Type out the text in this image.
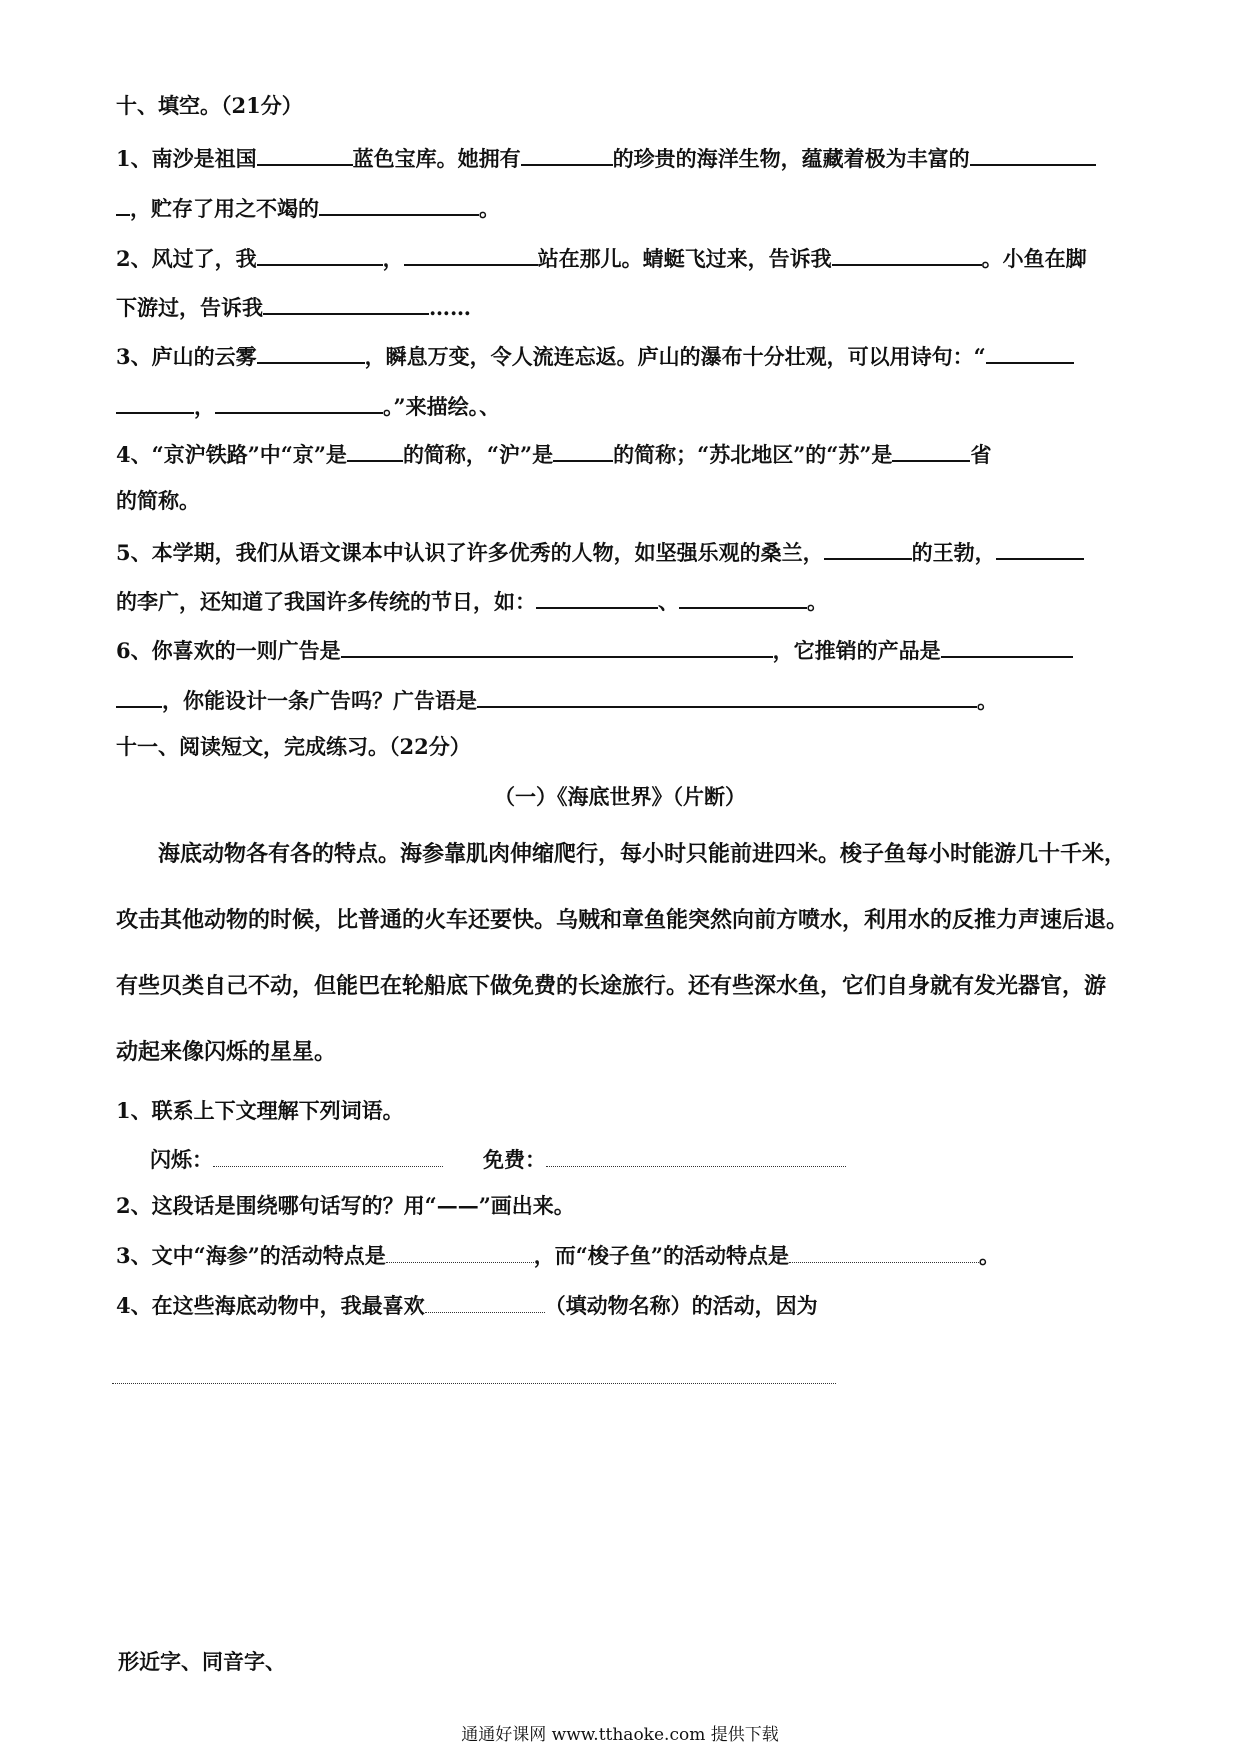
十、填空。（21分）
1、南沙是祖国	蓝色宝库。她拥有	的珍贵的海洋生物，蕴藏着极为丰富的
，贮存了用之不竭的	。
2、风过了，我	，	站在那儿。蜻蜓飞过来，告诉我	。小鱼在脚
下游过，告诉我	……
3、庐山的云雾	，瞬息万变，令人流连忘返。庐山的瀑布十分壮观，可以用诗句：“
，	。”来描绘。、
4、“京沪铁路”中“京”是	的简称，“沪”是	的简称；“苏北地区”的“苏”是	省
的简称。
5、本学期，我们从语文课本中认识了许多优秀的人物，如坚强乐观的桑兰，	的王勃，
的李广，还知道了我国许多传统的节日，如：	、	。
6、你喜欢的一则广告是	，它推销的产品是
，你能设计一条广告吗？广告语是	。
十一、阅读短文，完成练习。（22分）
（一）《海底世界》（片断）
海底动物各有各的特点。海参靠肌肉伸缩爬行，每小时只能前进四米。梭子鱼每小时能游几十千米，
攻击其他动物的时候，比普通的火车还要快。乌贼和章鱼能突然向前方喷水，利用水的反推力声速后退。
有些贝类自己不动，但能巴在轮船底下做免费的长途旅行。还有些深水鱼，它们自身就有发光器官，游
动起来像闪烁的星星。
1、联系上下文理解下列词语。
闪烁：	免费：
2、这段话是围绕哪句话写的？用“——”画出来。
3、文中“海参”的活动特点是	，而“梭子鱼”的活动特点是	。
4、在这些海底动物中，我最喜欢	（填动物名称）的活动，因为
形近字、同音字、
通通好课网 www.tthaoke.com 提供下载
